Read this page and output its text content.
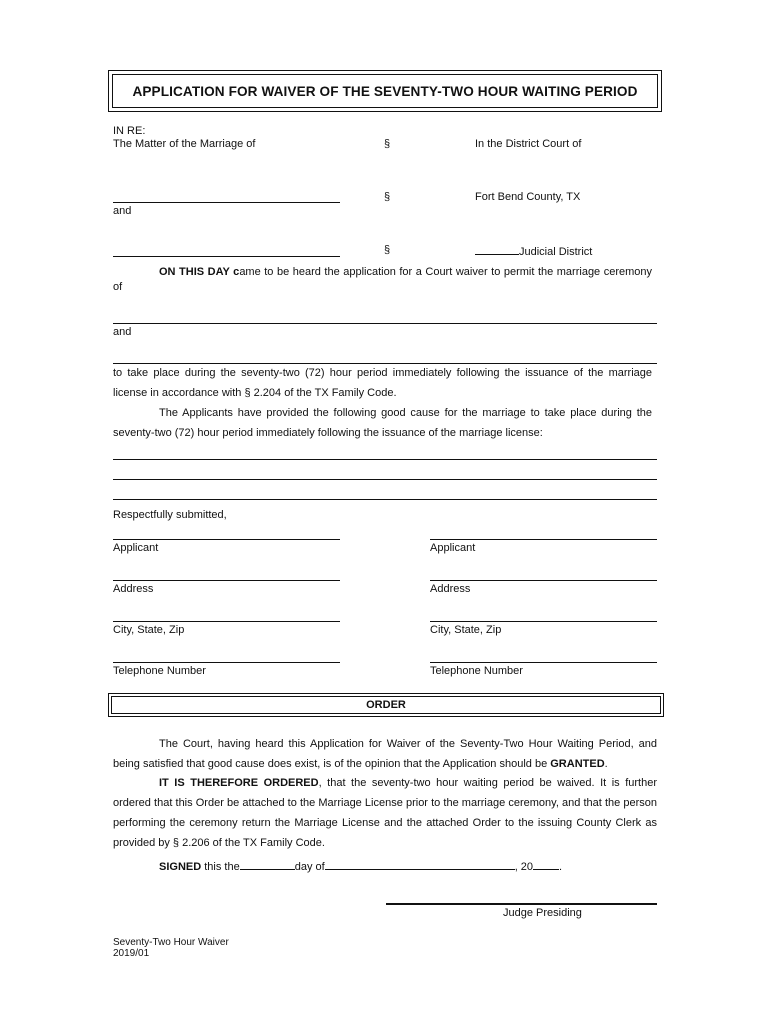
APPLICATION FOR WAIVER OF THE SEVENTY-TWO HOUR WAITING PERIOD
IN RE:
The Matter of the Marriage of	§	In the District Court of
§	Fort Bend County, TX
and
§	Judicial District
ON THIS DAY came to be heard the application for a Court waiver to permit the marriage ceremony of
and
to take place during the seventy-two (72) hour period immediately following the issuance of the marriage license in accordance with § 2.204 of the TX Family Code.
The Applicants have provided the following good cause for the marriage to take place during the seventy-two (72) hour period immediately following the issuance of the marriage license:
Respectfully submitted,
Applicant
Address
City, State, Zip
Telephone Number
Applicant
Address
City, State, Zip
Telephone Number
ORDER
The Court, having heard this Application for Waiver of the Seventy-Two Hour Waiting Period, and being satisfied that good cause does exist, is of the opinion that the Application should be GRANTED.
IT IS THEREFORE ORDERED, that the seventy-two hour waiting period be waived. It is further ordered that this Order be attached to the Marriage License prior to the marriage ceremony, and that the person performing the ceremony return the Marriage License and the attached Order to the issuing County Clerk as provided by § 2.206 of the TX Family Code.
SIGNED this the	day of	, 20 .
Judge Presiding
Seventy-Two Hour Waiver
2019/01
